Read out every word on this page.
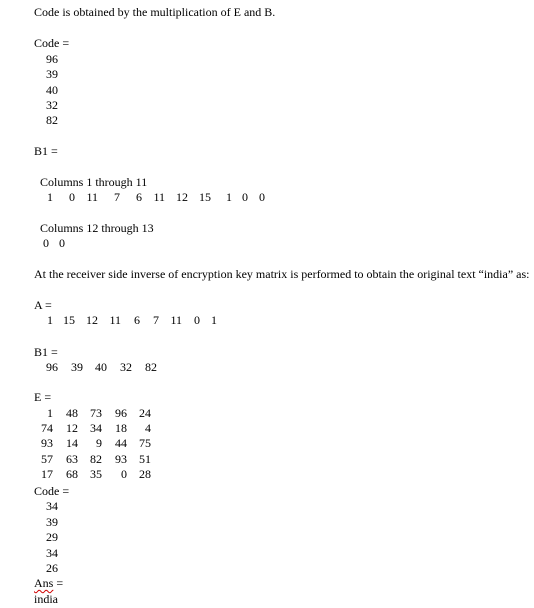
Code is obtained by the multiplication of E and B.
Code =
96
39
40
32
82
B1 =
Columns 1 through 11
1	0 11	7	6 11 12 15	1 0 0
Columns 12 through 13
0 0
At the receiver side inverse of encryption key matrix is performed to obtain the original text “india” as:
A =
1 15 12 11	6	7 11	0 1
B1 =
96	39	40	32	82
E =
1	48	73	96	24
74	12	34	18	4
93	14	9	44	75
57	63	82	93	51
17	68	35	0	28
Code =
34
39
29
34
26
Ans =
india
